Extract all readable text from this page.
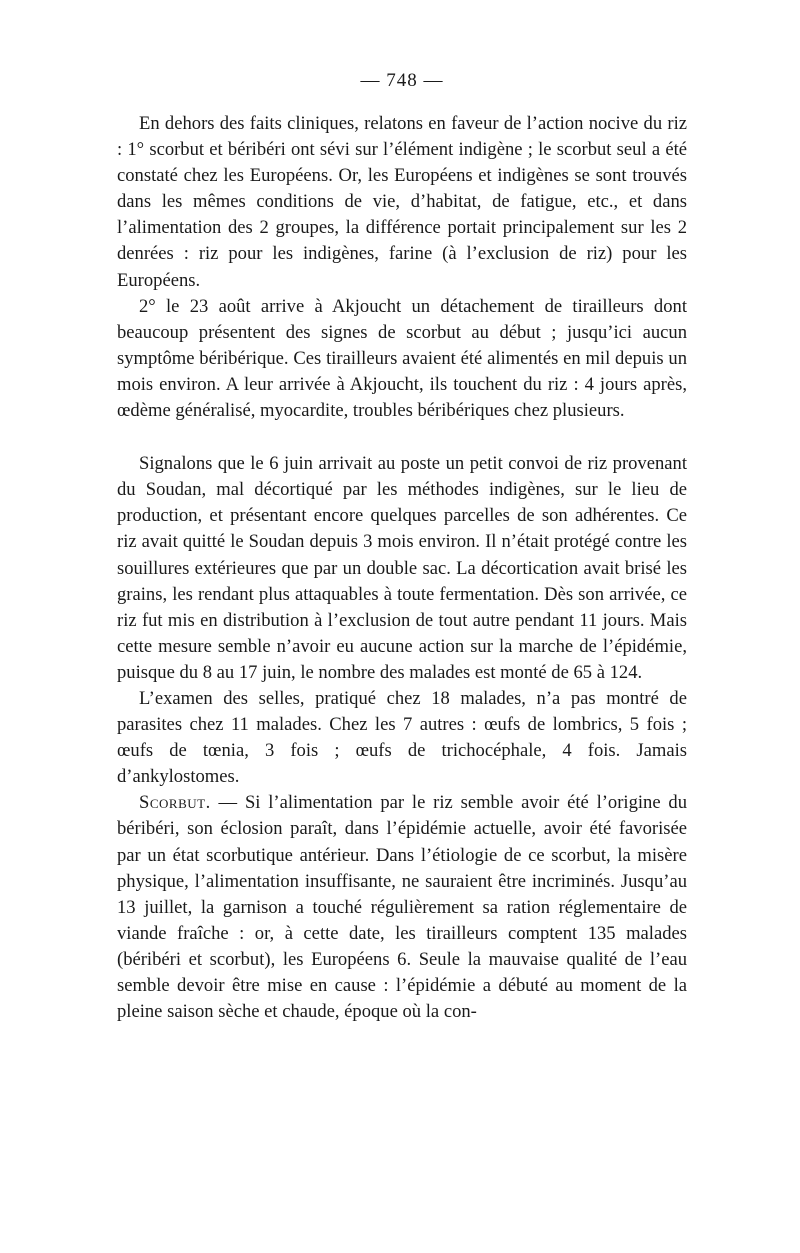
— 748 —

En dehors des faits cliniques, relatons en faveur de l’action nocive du riz : 1° scorbut et béribéri ont sévi sur l’élément indigène ; le scorbut seul a été constaté chez les Européens. Or, les Européens et indigènes se sont trouvés dans les mêmes conditions de vie, d’habitat, de fatigue, etc., et dans l’alimentation des 2 groupes, la différence portait principalement sur les 2 denrées : riz pour les indigènes, farine (à l’exclusion de riz) pour les Européens.

2° le 23 août arrive à Akjoucht un détachement de tirailleurs dont beaucoup présentent des signes de scorbut au début ; jusqu’ici aucun symptôme béribérique. Ces tirailleurs avaient été alimentés en mil depuis un mois environ. A leur arrivée à Akjoucht, ils touchent du riz : 4 jours après, œdème généralisé, myocardite, troubles béribériques chez plusieurs.

Signalons que le 6 juin arrivait au poste un petit convoi de riz provenant du Soudan, mal décortiqué par les méthodes indigènes, sur le lieu de production, et présentant encore quelques parcelles de son adhérentes. Ce riz avait quitté le Soudan depuis 3 mois environ. Il n’était protégé contre les souillures extérieures que par un double sac. La décortication avait brisé les grains, les rendant plus attaquables à toute fermentation. Dès son arrivée, ce riz fut mis en distribution à l’exclusion de tout autre pendant 11 jours. Mais cette mesure semble n’avoir eu aucune action sur la marche de l’épidémie, puisque du 8 au 17 juin, le nombre des malades est monté de 65 à 124.

L’examen des selles, pratiqué chez 18 malades, n’a pas montré de parasites chez 11 malades. Chez les 7 autres : œufs de lombrics, 5 fois ; œufs de tœnia, 3 fois ; œufs de trichocéphale, 4 fois. Jamais d’ankylostomes.

Scorbut. — Si l’alimentation par le riz semble avoir été l’origine du béribéri, son éclosion paraît, dans l’épidémie actuelle, avoir été favorisée par un état scorbutique antérieur. Dans l’étiologie de ce scorbut, la misère physique, l’alimentation insuffisante, ne sauraient être incriminés. Jusqu’au 13 juillet, la garnison a touché régulièrement sa ration réglementaire de viande fraîche : or, à cette date, les tirailleurs comptent 135 malades (béribéri et scorbut), les Européens 6. Seule la mauvaise qualité de l’eau semble devoir être mise en cause : l’épidémie a débuté au moment de la pleine saison sèche et chaude, époque où la con-
